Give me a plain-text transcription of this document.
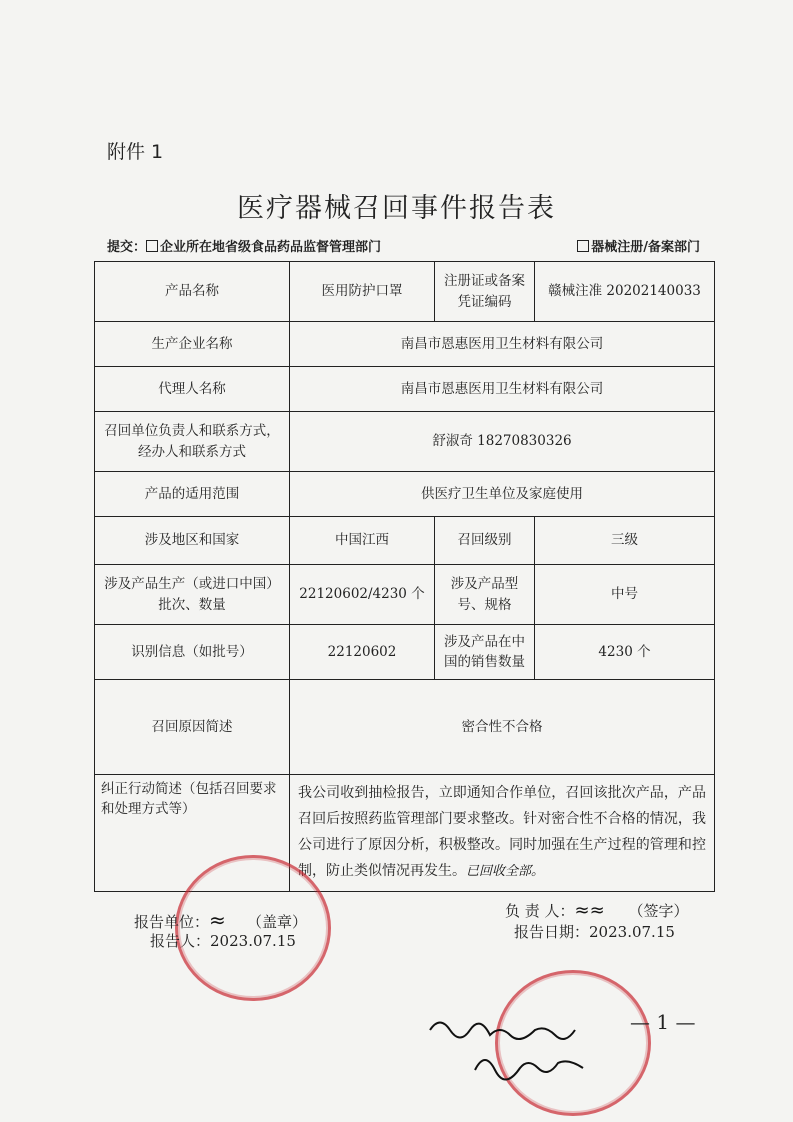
附件 1
医疗器械召回事件报告表
提交： 企业所在地省级食品药品监督管理部门	器械注册/备案部门
产品名称	医用防护口罩	注册证或备案凭证编码	赣械注准 20202140033
生产企业名称	南昌市恩惠医用卫生材料有限公司		
代理人名称	南昌市恩惠医用卫生材料有限公司		
召回单位负责人和联系方式，经办人和联系方式	舒淑奇 18270830326		
产品的适用范围	供医疗卫生单位及家庭使用		
涉及地区和国家	中国江西	召回级别	三级
涉及产品生产（或进口中国）批次、数量	22120602/4230 个	涉及产品型号、规格	中号
识别信息（如批号）	22120602	涉及产品在中国的销售数量	4230 个
召回原因简述	密合性不合格		
纠正行动简述（包括召回要求和处理方式等）	我公司收到抽检报告，立即通知合作单位，召回该批次产品，产品召回后按照药监管理部门要求整改。针对密合性不合格的情况，我公司进行了原因分析，积极整改。同时加强在生产过程的管理和控制，防止类似情况再发生。已回收全部。		
报告单位：≈ （盖章）
报告人：2023.07.15
负 责 人：≈≈ （签字）
报告日期：2023.07.15
— 1 —
